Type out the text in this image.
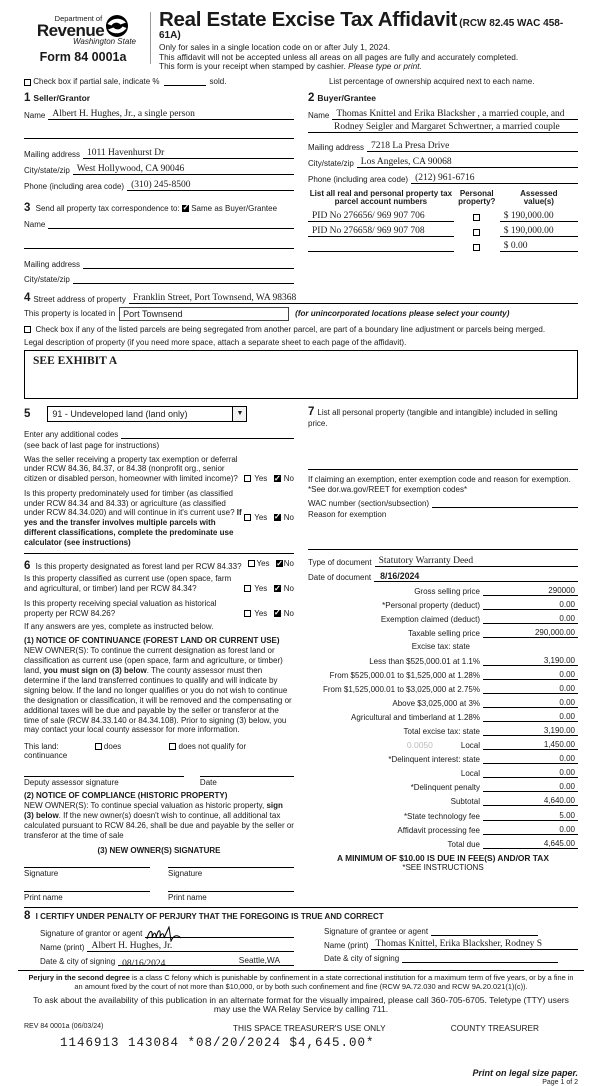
Department of
Revenue
Washington State
Form 84 0001a
Real Estate Excise Tax Affidavit (RCW 82.45 WAC 458-61A)
Only for sales in a single location code on or after July 1, 2024.
This affidavit will not be accepted unless all areas on all pages are fully and accurately completed.
This form is your receipt when stamped by cashier. Please type or print.

Check box if partial sale, indicate %	sold.	List percentage of ownership acquired next to each name.
1 Seller/Grantor
Name Albert H. Hughes, Jr., a single person
Mailing address 1011 Havenhurst Dr
City/state/zip West Hollywood, CA 90046
Phone (including area code) (310) 245-8500
3 Send all property tax correspondence to: ✓ Same as Buyer/Grantee
Name
Mailing address
City/state/zip
2 Buyer/Grantee
Name Thomas Knittel and Erika Blacksher , a married couple, and
Rodney Seigler and Margaret Schwertner, a married couple
Mailing address 7218 La Presa Drive
City/state/zip Los Angeles, CA 90068
Phone (including area code) (212) 961-6716
List all real and personal property tax
parcel account numbers
Personal
property?
Assessed
value(s)
PID No 276656/ 969 907 706	$ 190,000.00
PID No 276658/ 969 907 708	$ 190,000.00
$ 0.00
4 Street address of property Franklin Street, Port Townsend, WA 98368
This property is located in Port Townsend	(for unincorporated locations please select your county)
Check box if any of the listed parcels are being segregated from another parcel, are part of a boundary line adjustment or parcels being merged.
Legal description of property (if you need more space, attach a separate sheet to each page of the affidavit).
SEE EXHIBIT A
5 91 - Undeveloped land (land only)	▼
Enter any additional codes
(see back of last page for instructions)
Was the seller receiving a property tax exemption or deferral under RCW 84.36, 84.37, or 84.38 (nonprofit org., senior citizen or disabled person, homeowner with limited income)?	Yes ✓ No
Is this property predominately used for timber (as classified under RCW 84.34 and 84.33) or agriculture (as classified under RCW 84.34.020) and will continue in it's current use? If yes and the transfer involves multiple parcels with different classifications, complete the predominate use calculator (see instructions)
Yes ✓ No
6 Is this property designated as forest land per RCW 84.33?	Yes ✓ No
Is this property classified as current use (open space, farm and agricultural, or timber) land per RCW 84.34?	Yes ✓ No
Is this property receiving special valuation as historical property per RCW 84.26?	Yes ✓ No
If any answers are yes, complete as instructed below.
(1) NOTICE OF CONTINUANCE (FOREST LAND OR CURRENT USE)
NEW OWNER(S): To continue the current designation as forest land or classification as current use (open space, farm and agriculture, or timber) land, you must sign on (3) below. The county assessor must then determine if the land transferred continues to qualify and will indicate by signing below. If the land no longer qualifies or you do not wish to continue the designation or classification, it will be removed and the compensating or additional taxes will be due and payable by the seller or transferor at the time of sale (RCW 84.33.140 or 84.34.108). Prior to signing (3) below, you may contact your local county assessor for more information.
This land:	does	does not qualify for
continuance
Deputy assessor signature	Date
(2) NOTICE OF COMPLIANCE (HISTORIC PROPERTY)
NEW OWNER(S): To continue special valuation as historic property, sign (3) below. If the new owner(s) doesn't wish to continue, all additional tax calculated pursuant to RCW 84.26, shall be due and payable by the seller or transferor at the time of sale
(3) NEW OWNER(S) SIGNATURE
Signature	Signature
Print name	Print name
7 List all personal property (tangible and intangible) included in selling price.
If claiming an exemption, enter exemption code and reason for exemption. *See dor.wa.gov/REET for exemption codes*
WAC number (section/subsection)
Reason for exemption
Type of document Statutory Warranty Deed
Date of document	8/16/2024
Gross selling price	290000
*Personal property (deduct)	0.00
Exemption claimed (deduct)	0.00
Taxable selling price	290,000.00
Excise tax: state
Less than $525,000.01 at 1.1%	3,190.00
From $525,000.01 to $1,525,000 at 1.28%	0.00
From $1,525,000.01 to $3,025,000 at 2.75%	0.00
Above $3,025,000 at 3%	0.00
Agricultural and timberland at 1.28%	0.00
Total excise tax: state	3,190.00
0.0050	Local	1,450.00
*Delinquent interest: state	0.00
Local	0.00
*Delinquent penalty	0.00
Subtotal	4,640.00
*State technology fee	5.00
Affidavit processing fee	0.00
Total due	4,645.00
A MINIMUM OF $10.00 IS DUE IN FEE(S) AND/OR TAX
*SEE INSTRUCTIONS
8 I CERTIFY UNDER PENALTY OF PERJURY THAT THE FOREGOING IS TRUE AND CORRECT
Signature of grantor or agent
Name (print) Albert H. Hughes, Jr.
Date & city of signing 08/16/2024	Seattle,WA
Signature of grantee or agent
Name (print) Thomas Knittel, Erika Blacksher, Rodney S
Date & city of signing
Perjury in the second degree is a class C felony which is punishable by confinement in a state correctional institution for a maximum term of five years, or by a fine in an amount fixed by the court of not more than $10,000, or by both such confinement and fine (RCW 9A.72.030 and RCW 9A.20.021(1)(c)).
To ask about the availability of this publication in an alternate format for the visually impaired, please call 360-705-6705. Teletype (TTY) users may use the WA Relay Service by calling 711.
REV 84 0001a (06/03/24)	THIS SPACE TREASURER'S USE ONLY	COUNTY TREASURER
1146913 143084 *08/20/2024 $4,645.00*
Print on legal size paper.
Page 1 of 2
